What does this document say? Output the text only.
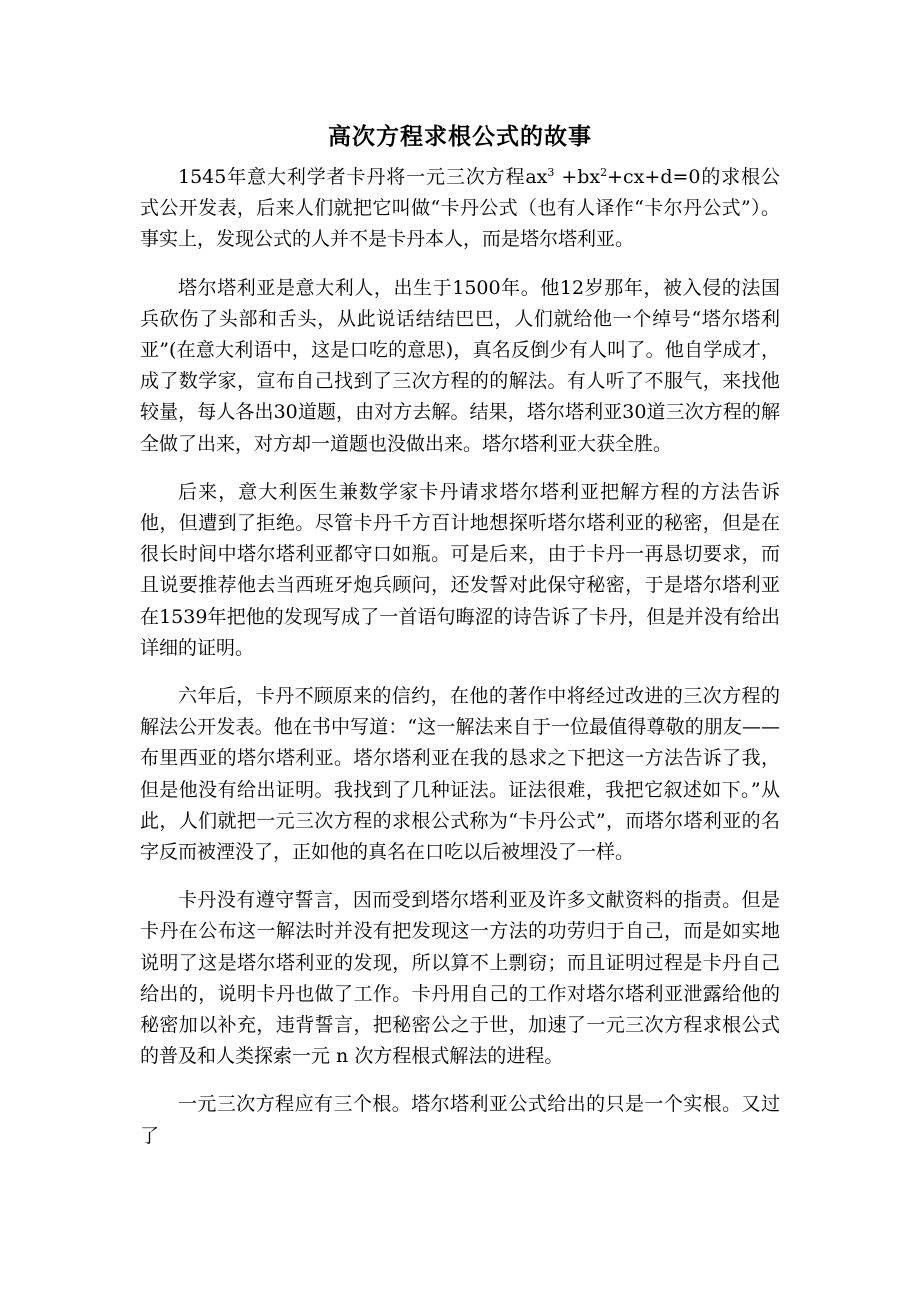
高次方程求根公式的故事

1545年意大利学者卡丹将一元三次方程$ax^3 +bx^2+cx+d=0$的求根公式公开发表，后来人们就把它叫做“卡丹公式（也有人译作“卡尔丹公式”）。事实上，发现公式的人并不是卡丹本人，而是塔尔塔利亚。

塔尔塔利亚是意大利人，出生于1500年。他12岁那年，被入侵的法国兵砍伤了头部和舌头，从此说话结结巴巴，人们就给他一个绰号“塔尔塔利亚”(在意大利语中，这是口吃的意思)，真名反倒少有人叫了。他自学成才，成了数学家，宣布自己找到了三次方程的的解法。有人听了不服气，来找他较量，每人各出30道题，由对方去解。结果，塔尔塔利亚30道三次方程的解全做了出来，对方却一道题也没做出来。塔尔塔利亚大获全胜。

后来，意大利医生兼数学家卡丹请求塔尔塔利亚把解方程的方法告诉他，但遭到了拒绝。尽管卡丹千方百计地想探听塔尔塔利亚的秘密，但是在很长时间中塔尔塔利亚都守口如瓶。可是后来，由于卡丹一再恳切要求，而且说要推荐他去当西班牙炮兵顾问，还发誓对此保守秘密，于是塔尔塔利亚在1539年把他的发现写成了一首语句晦涩的诗告诉了卡丹，但是并没有给出详细的证明。

六年后，卡丹不顾原来的信约，在他的著作中将经过改进的三次方程的解法公开发表。他在书中写道：“这一解法来自于一位最值得尊敬的朋友——布里西亚的塔尔塔利亚。塔尔塔利亚在我的恳求之下把这一方法告诉了我，但是他没有给出证明。我找到了几种证法。证法很难，我把它叙述如下。”从此，人们就把一元三次方程的求根公式称为“卡丹公式”，而塔尔塔利亚的名字反而被湮没了，正如他的真名在口吃以后被埋没了一样。

卡丹没有遵守誓言，因而受到塔尔塔利亚及许多文献资料的指责。但是卡丹在公布这一解法时并没有把发现这一方法的功劳归于自己，而是如实地说明了这是塔尔塔利亚的发现，所以算不上剽窃；而且证明过程是卡丹自己给出的，说明卡丹也做了工作。卡丹用自己的工作对塔尔塔利亚泄露给他的秘密加以补充，违背誓言，把秘密公之于世，加速了一元三次方程求根公式的普及和人类探索一元 n 次方程根式解法的进程。

一元三次方程应有三个根。塔尔塔利亚公式给出的只是一个实根。又过了
